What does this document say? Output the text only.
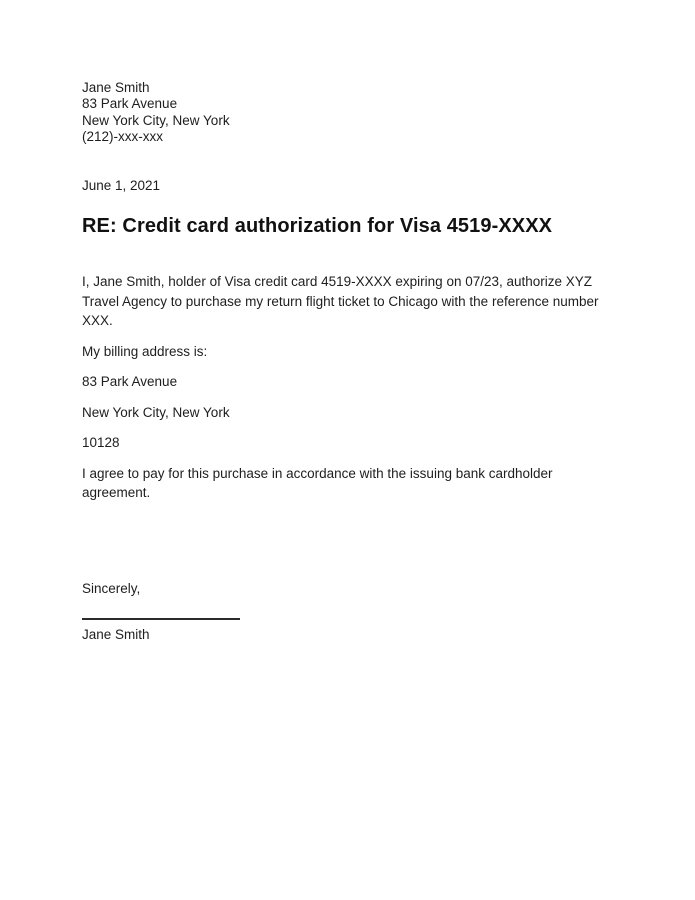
Jane Smith
83 Park Avenue
New York City, New York
(212)-xxx-xxx
June 1, 2021
RE: Credit card authorization for Visa 4519-XXXX

I, Jane Smith, holder of Visa credit card 4519-XXXX expiring on 07/23, authorize XYZ Travel Agency to purchase my return flight ticket to Chicago with the reference number XXX.

My billing address is:

83 Park Avenue

New York City, New York

10128

I agree to pay for this purchase in accordance with the issuing bank cardholder agreement.

Sincerely,

Jane Smith
